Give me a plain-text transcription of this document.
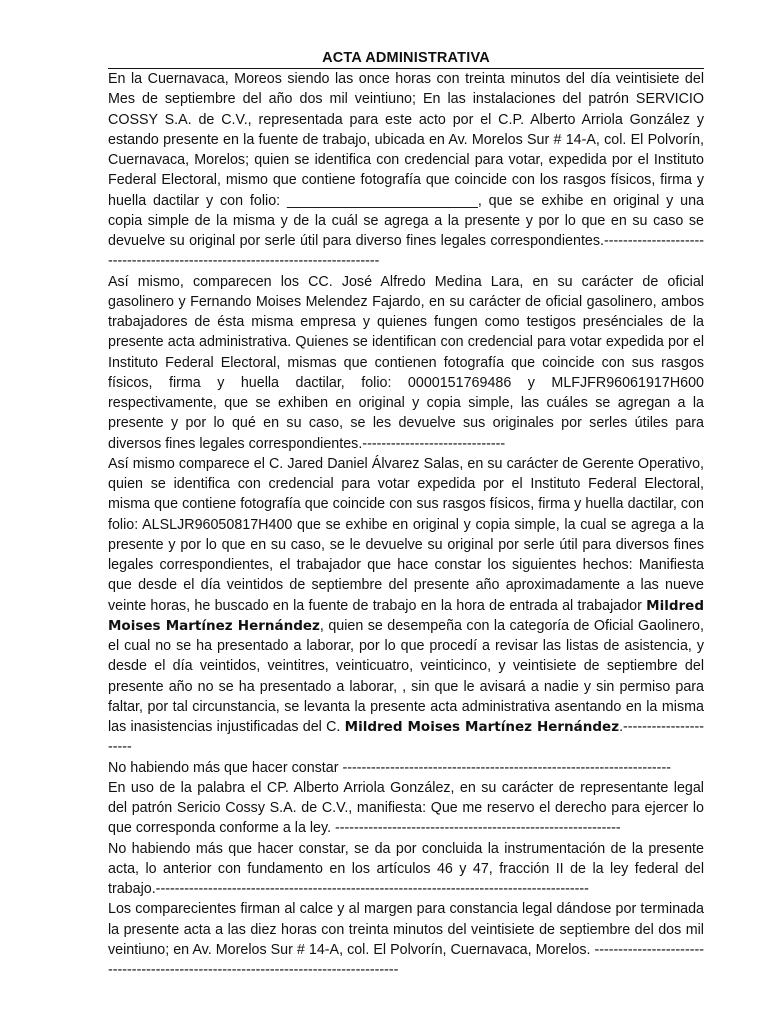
ACTA ADMINISTRATIVA

En la Cuernavaca, Moreos siendo las once horas con treinta minutos del día veintisiete del Mes de septiembre del año dos mil veintiuno; En las instalaciones del patrón SERVICIO COSSY S.A. de C.V., representada para este acto por el C.P. Alberto Arriola González y estando presente en la fuente de trabajo, ubicada en Av. Morelos Sur # 14-A, col. El Polvorín, Cuernavaca, Morelos; quien se identifica con credencial para votar, expedida por el Instituto Federal Electoral, mismo que contiene fotografía que coincide con los rasgos físicos, firma y huella dactilar y con folio: ________________________, que se exhibe en original y una copia simple de la misma y de la cuál se agrega a la presente y por lo que en su caso se devuelve su original por serle útil para diverso fines legales correspondientes.------------------------------------------------------------------------------

Así mismo, comparecen los CC. José Alfredo Medina Lara, en su carácter de oficial gasolinero y Fernando Moises Melendez Fajardo, en su carácter de oficial gasolinero, ambos trabajadores de ésta misma empresa y quienes fungen como testigos presénciales de la presente acta administrativa. Quienes se identifican con credencial para votar expedida por el Instituto Federal Electoral, mismas que contienen fotografía que coincide con sus rasgos físicos, firma y huella dactilar, folio: 0000151769486 y MLFJFR96061917H600 respectivamente, que se exhiben en original y copia simple, las cuáles se agregan a la presente y por lo qué en su caso, se les devuelve sus originales por serles útiles para diversos fines legales correspondientes.------------------------------

Así mismo comparece el C. Jared Daniel Álvarez Salas, en su carácter de Gerente Operativo, quien se identifica con credencial para votar expedida por el Instituto Federal Electoral, misma que contiene fotografía que coincide con sus rasgos físicos, firma y huella dactilar, con folio: ALSLJR96050817H400 que se exhibe en original y copia simple, la cual se agrega a la presente y por lo que en su caso, se le devuelve su original por serle útil para diversos fines legales correspondientes, el trabajador que hace constar los siguientes hechos: Manifiesta que desde el día veintidos de septiembre del presente año aproximadamente a las nueve veinte horas, he buscado en la fuente de trabajo en la hora de entrada al trabajador Mildred Moises Martínez Hernández, quien se desempeña con la categoría de Oficial Gaolinero, el cual no se ha presentado a laborar, por lo que procedí a revisar las listas de asistencia, y desde el día veintidos, veintitres, veinticuatro, veinticinco, y veintisiete de septiembre del presente año no se ha presentado a laborar, , sin que le avisará a nadie y sin permiso para faltar, por tal circunstancia, se levanta la presente acta administrativa asentando en la misma las inasistencias injustificadas del C. Mildred Moises Martínez Hernández.----------------------

No habiendo más que hacer constar ---------------------------------------------------------------------

En uso de la palabra el CP. Alberto Arriola González, en su carácter de representante legal del patrón Sericio Cossy S.A. de C.V., manifiesta: Que me reservo el derecho para ejercer lo que corresponda conforme a la ley. ------------------------------------------------------------

No habiendo más que hacer constar, se da por concluida la instrumentación de la presente acta, lo anterior con fundamento en los artículos 46 y 47, fracción II de la ley federal del trabajo.-------------------------------------------------------------------------------------------

Los comparecientes firman al calce y al margen para constancia legal dándose por terminada la presente acta a las diez horas con treinta minutos del veintisiete de septiembre del dos mil veintiuno; en Av. Morelos Sur # 14-A, col. El Polvorín, Cuernavaca, Morelos. ------------------------------------------------------------------------------------
